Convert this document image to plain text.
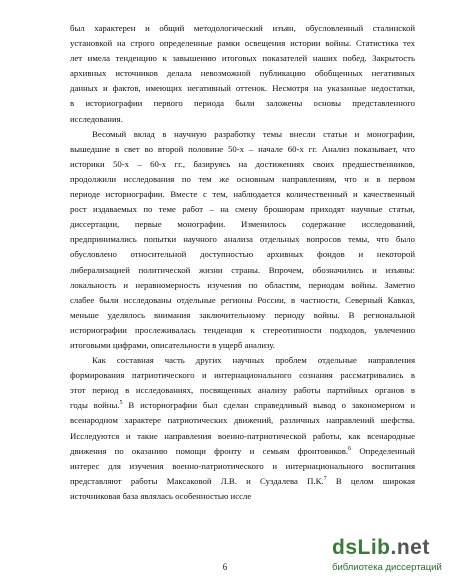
был характерен и общий методологический изъян, обусловленный сталинской
установкой на строго определенные рамки освещения истории войны. Статистика тех
лет имела тенденцию к завышению итоговых показателей наших побед. Закрытость
архивных источников делала невозможной публикацию обобщенных негативных
данных и фактов, имеющих негативный оттенок. Несмотря на указанные недостатки,
в историографии первого периода были заложены основы представленного
исследования.
Весомый вклад в научную разработку темы внесли статьи и монографии,
вышедшие в свет во второй половине 50-х – начале 60-х гг. Анализ показывает, что
историки 50-х – 60-х гг., базируясь на достижениях своих предшественников,
продолжили исследования по тем же основным направлениям, что и в первом
периоде историографии. Вместе с тем, наблюдается количественный и качественный
рост издаваемых по теме работ – на смену брошюрам приходят научные статьи,
диссертации, первые монографии. Изменилось содержание исследований,
предпринимались попытки научного анализа отдельных вопросов темы, что было
обусловлено относительной доступностью архивных фондов и некоторой
либерализацией политической жизни страны. Впрочем, обозначились и изъяны:
локальность и неравномерность изучения по областям, периодам войны. Заметно
слабее были исследованы отдельные регионы России, в частности, Северный Кавказ,
меньше уделялось внимания заключительному периоду войны. В региональной
историографии прослеживалась тенденция к стереотипности подходов, увлечению
итоговыми цифрами, описательности в ущерб анализу.
Как составная часть других научных проблем отдельные направления
формирования патриотического и интернационального сознания рассматривались в
этот период в исследованиях, посвященных анализу работы партийных органов в
годы войны.$^5$ В историографии был сделан справедливый вывод о закономерном и
всенародном характере патриотических движений, различных направлений шефства.
Исследуются и такие направления военно-патриотической работы, как всенародные
движения по оказанию помощи фронту и семьям фронтовиков.$^6$ Определенный
интерес для изучения военно-патриотического и интернационального воспитания
представляют работы Максаковой Л.В. и Суздалева П.К.$^7$ В целом широкая
источниковая база являлась особенностью иссле
6
dsLib.net
библиотека диссертаций
